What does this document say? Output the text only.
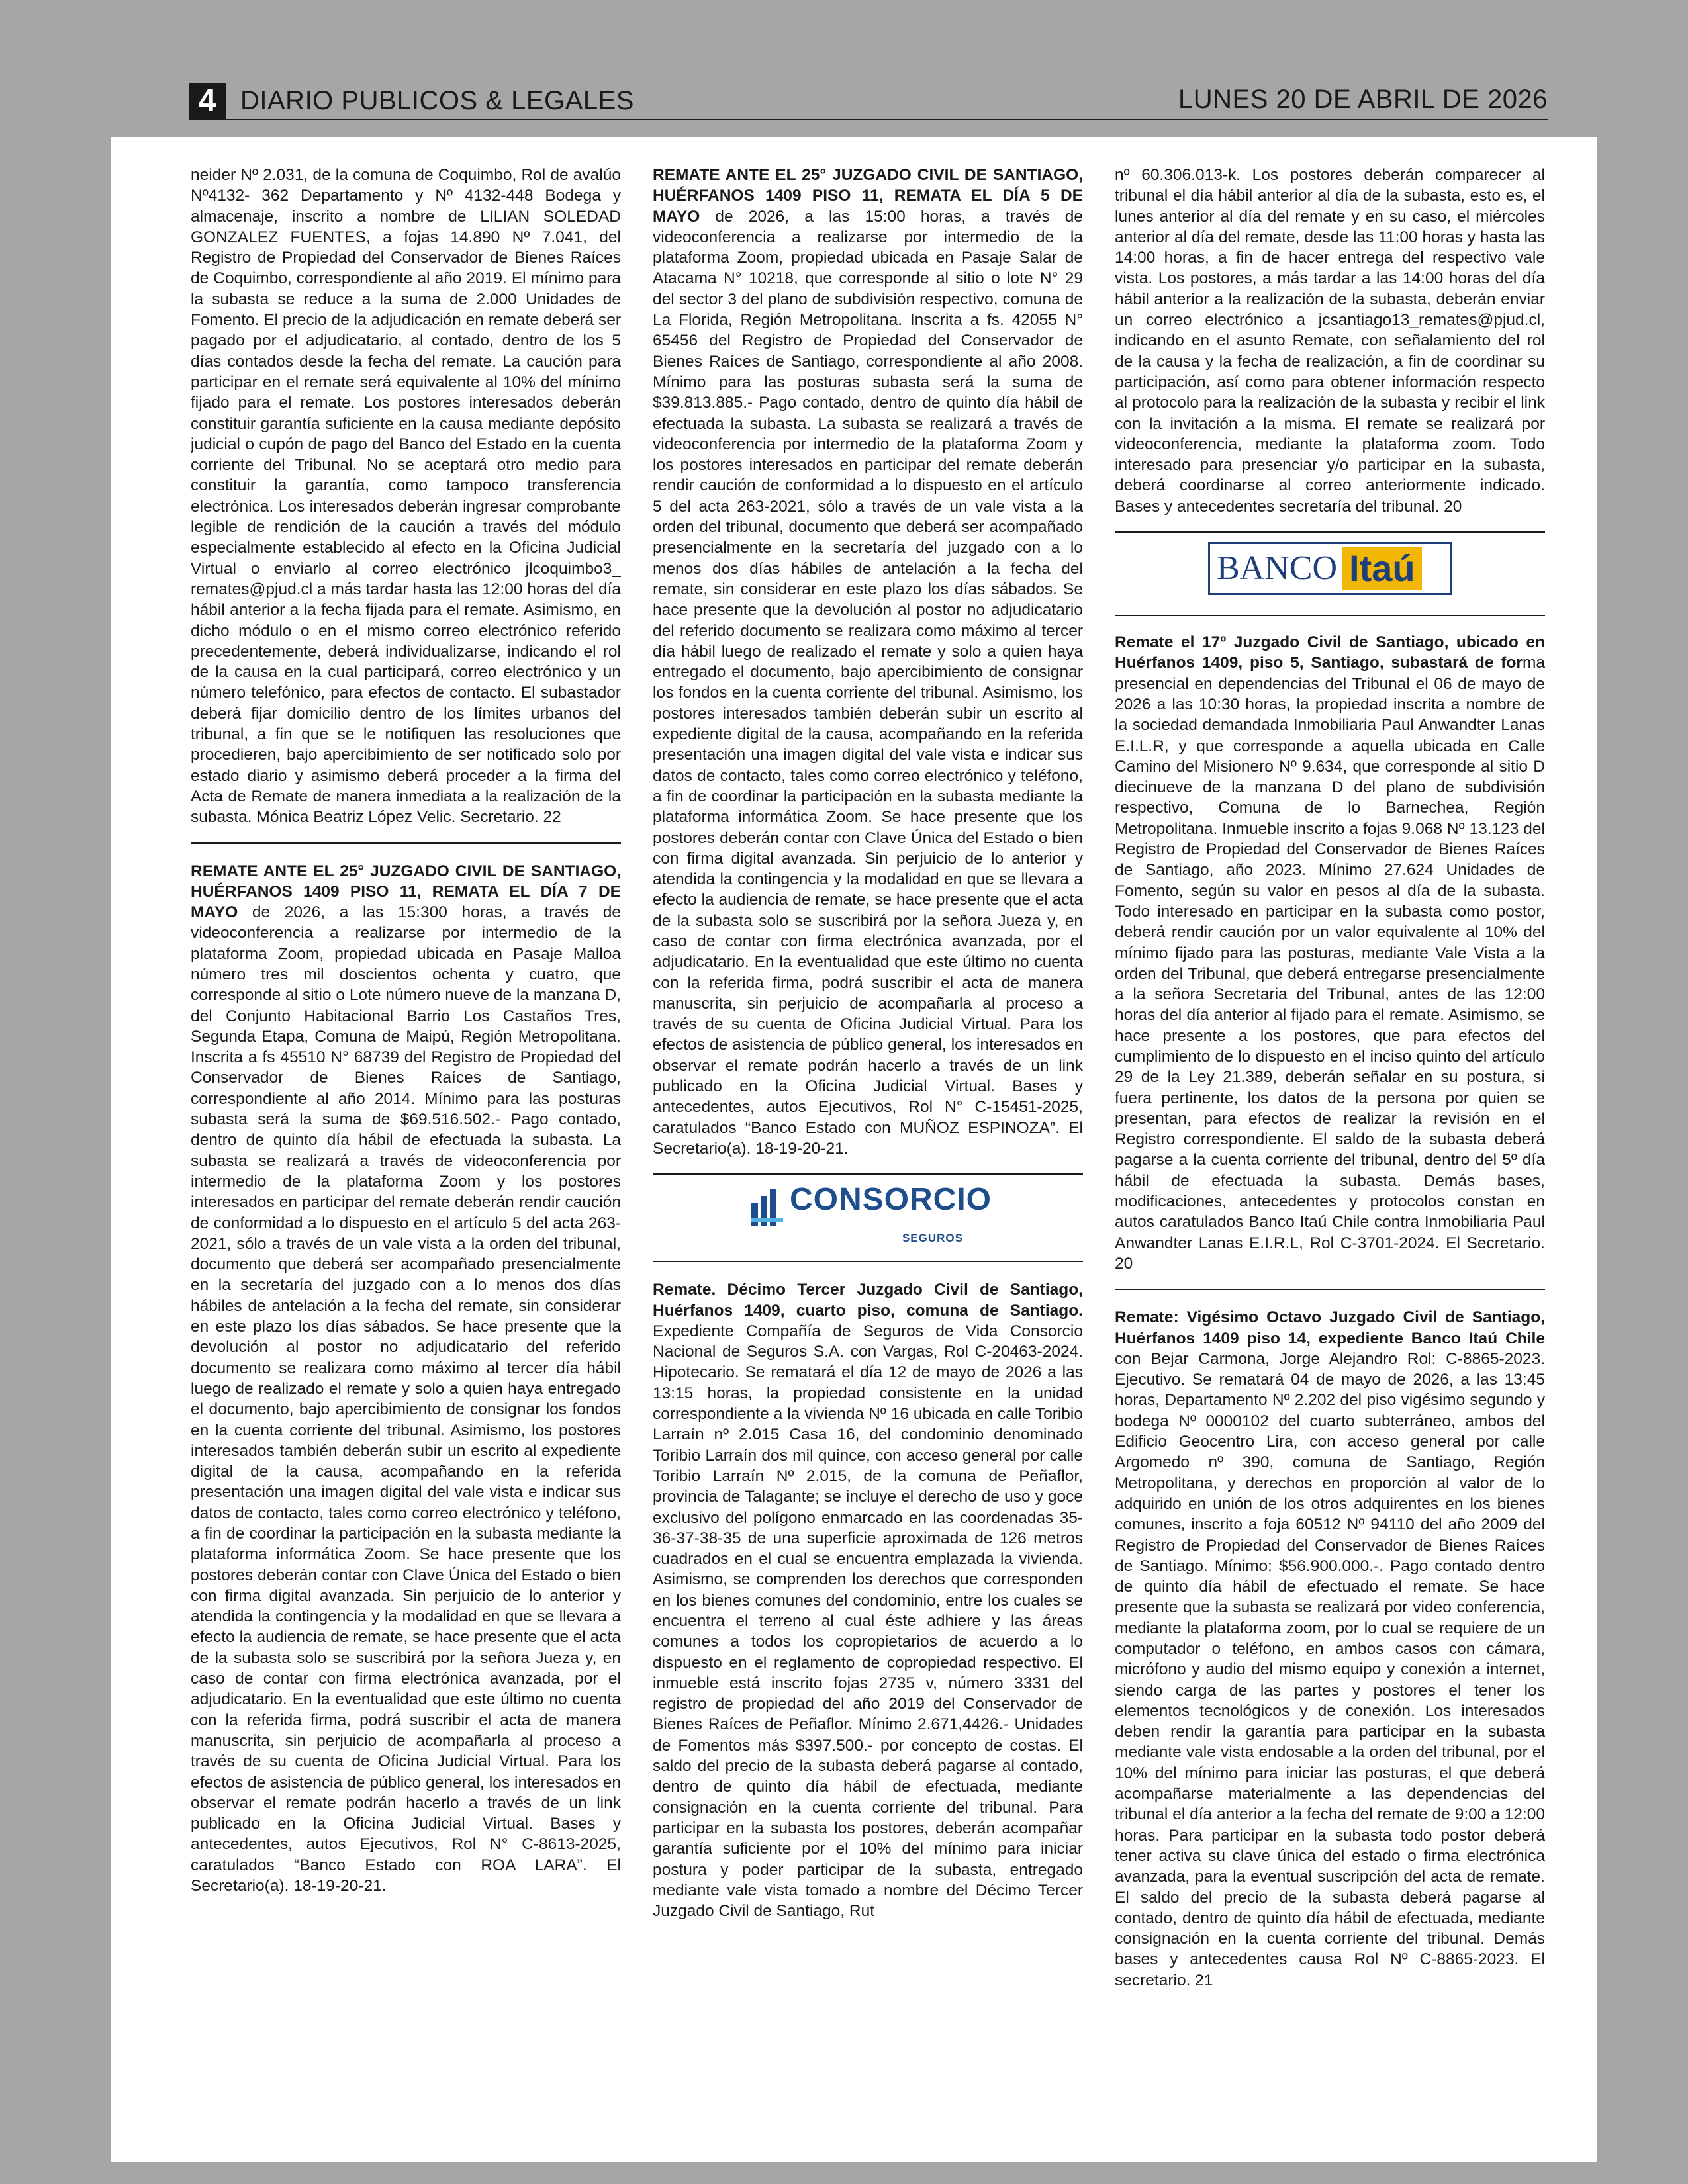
4 DIARIO PUBLICOS & LEGALES	LUNES 20 DE ABRIL DE 2026

neider Nº 2.031, de la comuna de Coquimbo, Rol de avalúo Nº4132- 362 Departamento y Nº 4132-448 Bodega y almacenaje, inscrito a nombre de LILIAN SOLEDAD GONZALEZ FUENTES, a fojas 14.890 Nº 7.041, del Registro de Propiedad del Conservador de Bienes Raíces de Coquimbo, correspondiente al año 2019. El mínimo para la subasta se reduce a la suma de 2.000 Unidades de Fomento. El precio de la adjudicación en remate deberá ser pagado por el adjudicatario, al contado, dentro de los 5 días contados desde la fecha del remate. La caución para participar en el remate será equivalente al 10% del mínimo fijado para el remate. Los postores interesados deberán constituir garantía suficiente en la causa mediante depósito judicial o cupón de pago del Banco del Estado en la cuenta corriente del Tribunal. No se aceptará otro medio para constituir la garantía, como tampoco transferencia electrónica. Los interesados deberán ingresar comprobante legible de rendición de la caución a través del módulo especialmente establecido al efecto en la Oficina Judicial Virtual o enviarlo al correo electrónico jlcoquimbo3_ remates@pjud.cl a más tardar hasta las 12:00 horas del día hábil anterior a la fecha fijada para el remate. Asimismo, en dicho módulo o en el mismo correo electrónico referido precedentemente, deberá individualizarse, indicando el rol de la causa en la cual participará, correo electrónico y un número telefónico, para efectos de contacto. El subastador deberá fijar domicilio dentro de los límites urbanos del tribunal, a fin que se le notifiquen las resoluciones que procedieren, bajo apercibimiento de ser notificado solo por estado diario y asimismo deberá proceder a la firma del Acta de Remate de manera inmediata a la realización de la subasta. Mónica Beatriz López Velic. Secretario. 22

REMATE ANTE EL 25° JUZGADO CIVIL DE SANTIAGO, HUÉRFANOS 1409 PISO 11, REMATA EL DÍA 7 DE MAYO de 2026, a las 15:300 horas, a través de videoconferencia a realizarse por intermedio de la plataforma Zoom, propiedad ubicada en Pasaje Malloa número tres mil doscientos ochenta y cuatro, que corresponde al sitio o Lote número nueve de la manzana D, del Conjunto Habitacional Barrio Los Castaños Tres, Segunda Etapa, Comuna de Maipú, Región Metropolitana. Inscrita a fs 45510 N° 68739 del Registro de Propiedad del Conservador de Bienes Raíces de Santiago, correspondiente al año 2014. Mínimo para las posturas subasta será la suma de $69.516.502.- Pago contado, dentro de quinto día hábil de efectuada la subasta. La subasta se realizará a través de videoconferencia por intermedio de la plataforma Zoom y los postores interesados en participar del remate deberán rendir caución de conformidad a lo dispuesto en el artículo 5 del acta 263-2021, sólo a través de un vale vista a la orden del tribunal, documento que deberá ser acompañado presencialmente en la secretaría del juzgado con a lo menos dos días hábiles de antelación a la fecha del remate, sin considerar en este plazo los días sábados. Se hace presente que la devolución al postor no adjudicatario del referido documento se realizara como máximo al tercer día hábil luego de realizado el remate y solo a quien haya entregado el documento, bajo apercibimiento de consignar los fondos en la cuenta corriente del tribunal. Asimismo, los postores interesados también deberán subir un escrito al expediente digital de la causa, acompañando en la referida presentación una imagen digital del vale vista e indicar sus datos de contacto, tales como correo electrónico y teléfono, a fin de coordinar la participación en la subasta mediante la plataforma informática Zoom. Se hace presente que los postores deberán contar con Clave Única del Estado o bien con firma digital avanzada. Sin perjuicio de lo anterior y atendida la contingencia y la modalidad en que se llevara a efecto la audiencia de remate, se hace presente que el acta de la subasta solo se suscribirá por la señora Jueza y, en caso de contar con firma electrónica avanzada, por el adjudicatario. En la eventualidad que este último no cuenta con la referida firma, podrá suscribir el acta de manera manuscrita, sin perjuicio de acompañarla al proceso a través de su cuenta de Oficina Judicial Virtual. Para los efectos de asistencia de público general, los interesados en observar el remate podrán hacerlo a través de un link publicado en la Oficina Judicial Virtual. Bases y antecedentes, autos Ejecutivos, Rol N° C-8613-2025, caratulados “Banco Estado con ROA LARA”. El Secretario(a). 18-19-20-21.

REMATE ANTE EL 25° JUZGADO CIVIL DE SANTIAGO, HUÉRFANOS 1409 PISO 11, REMATA EL DÍA 5 DE MAYO de 2026, a las 15:00 horas, a través de videoconferencia a realizarse por intermedio de la plataforma Zoom, propiedad ubicada en Pasaje Salar de Atacama N° 10218, que corresponde al sitio o lote N° 29 del sector 3 del plano de subdivisión respectivo, comuna de La Florida, Región Metropolitana. Inscrita a fs. 42055 N° 65456 del Registro de Propiedad del Conservador de Bienes Raíces de Santiago, correspondiente al año 2008. Mínimo para las posturas subasta será la suma de $39.813.885.- Pago contado, dentro de quinto día hábil de efectuada la subasta. La subasta se realizará a través de videoconferencia por intermedio de la plataforma Zoom y los postores interesados en participar del remate deberán rendir caución de conformidad a lo dispuesto en el artículo 5 del acta 263-2021, sólo a través de un vale vista a la orden del tribunal, documento que deberá ser acompañado presencialmente en la secretaría del juzgado con a lo menos dos días hábiles de antelación a la fecha del remate, sin considerar en este plazo los días sábados. Se hace presente que la devolución al postor no adjudicatario del referido documento se realizara como máximo al tercer día hábil luego de realizado el remate y solo a quien haya entregado el documento, bajo apercibimiento de consignar los fondos en la cuenta corriente del tribunal. Asimismo, los postores interesados también deberán subir un escrito al expediente digital de la causa, acompañando en la referida presentación una imagen digital del vale vista e indicar sus datos de contacto, tales como correo electrónico y teléfono, a fin de coordinar la participación en la subasta mediante la plataforma informática Zoom. Se hace presente que los postores deberán contar con Clave Única del Estado o bien con firma digital avanzada. Sin perjuicio de lo anterior y atendida la contingencia y la modalidad en que se llevara a efecto la audiencia de remate, se hace presente que el acta de la subasta solo se suscribirá por la señora Jueza y, en caso de contar con firma electrónica avanzada, por el adjudicatario. En la eventualidad que este último no cuenta con la referida firma, podrá suscribir el acta de manera manuscrita, sin perjuicio de acompañarla al proceso a través de su cuenta de Oficina Judicial Virtual. Para los efectos de asistencia de público general, los interesados en observar el remate podrán hacerlo a través de un link publicado en la Oficina Judicial Virtual. Bases y antecedentes, autos Ejecutivos, Rol N° C-15451-2025, caratulados “Banco Estado con MUÑOZ ESPINOZA”. El Secretario(a). 18-19-20-21.

CONSORCIO
SEGUROS

Remate. Décimo Tercer Juzgado Civil de Santiago, Huérfanos 1409, cuarto piso, comuna de Santiago. Expediente Compañía de Seguros de Vida Consorcio Nacional de Seguros S.A. con Vargas, Rol C-20463-2024. Hipotecario. Se rematará el día 12 de mayo de 2026 a las 13:15 horas, la propiedad consistente en la unidad correspondiente a la vivienda Nº 16 ubicada en calle Toribio Larraín nº 2.015 Casa 16, del condominio denominado Toribio Larraín dos mil quince, con acceso general por calle Toribio Larraín Nº 2.015, de la comuna de Peñaflor, provincia de Talagante; se incluye el derecho de uso y goce exclusivo del polígono enmarcado en las coordenadas 35-36-37-38-35 de una superficie aproximada de 126 metros cuadrados en el cual se encuentra emplazada la vivienda. Asimismo, se comprenden los derechos que corresponden en los bienes comunes del condominio, entre los cuales se encuentra el terreno al cual éste adhiere y las áreas comunes a todos los copropietarios de acuerdo a lo dispuesto en el reglamento de copropiedad respectivo. El inmueble está inscrito fojas 2735 v, número 3331 del registro de propiedad del año 2019 del Conservador de Bienes Raíces de Peñaflor. Mínimo 2.671,4426.- Unidades de Fomentos más $397.500.- por concepto de costas. El saldo del precio de la subasta deberá pagarse al contado, dentro de quinto día hábil de efectuada, mediante consignación en la cuenta corriente del tribunal. Para participar en la subasta los postores, deberán acompañar garantía suficiente por el 10% del mínimo para iniciar postura y poder participar de la subasta, entregado mediante vale vista tomado a nombre del Décimo Tercer Juzgado Civil de Santiago, Rut

nº 60.306.013-k. Los postores deberán comparecer al tribunal el día hábil anterior al día de la subasta, esto es, el lunes anterior al día del remate y en su caso, el miércoles anterior al día del remate, desde las 11:00 horas y hasta las 14:00 horas, a fin de hacer entrega del respectivo vale vista. Los postores, a más tardar a las 14:00 horas del día hábil anterior a la realización de la subasta, deberán enviar un correo electrónico a jcsantiago13_remates@pjud.cl, indicando en el asunto Remate, con señalamiento del rol de la causa y la fecha de realización, a fin de coordinar su participación, así como para obtener información respecto al protocolo para la realización de la subasta y recibir el link con la invitación a la misma. El remate se realizará por videoconferencia, mediante la plataforma zoom. Todo interesado para presenciar y/o participar en la subasta, deberá coordinarse al correo anteriormente indicado. Bases y antecedentes secretaría del tribunal. 20

BANCO Itaú

Remate el 17º Juzgado Civil de Santiago, ubicado en Huérfanos 1409, piso 5, Santiago, subastará de forma presencial en dependencias del Tribunal el 06 de mayo de 2026 a las 10:30 horas, la propiedad inscrita a nombre de la sociedad demandada Inmobiliaria Paul Anwandter Lanas E.I.L.R, y que corresponde a aquella ubicada en Calle Camino del Misionero Nº 9.634, que corresponde al sitio D diecinueve de la manzana D del plano de subdivisión respectivo, Comuna de lo Barnechea, Región Metropolitana. Inmueble inscrito a fojas 9.068 Nº 13.123 del Registro de Propiedad del Conservador de Bienes Raíces de Santiago, año 2023. Mínimo 27.624 Unidades de Fomento, según su valor en pesos al día de la subasta. Todo interesado en participar en la subasta como postor, deberá rendir caución por un valor equivalente al 10% del mínimo fijado para las posturas, mediante Vale Vista a la orden del Tribunal, que deberá entregarse presencialmente a la señora Secretaria del Tribunal, antes de las 12:00 horas del día anterior al fijado para el remate. Asimismo, se hace presente a los postores, que para efectos del cumplimiento de lo dispuesto en el inciso quinto del artículo 29 de la Ley 21.389, deberán señalar en su postura, si fuera pertinente, los datos de la persona por quien se presentan, para efectos de realizar la revisión en el Registro correspondiente. El saldo de la subasta deberá pagarse a la cuenta corriente del tribunal, dentro del 5º día hábil de efectuada la subasta. Demás bases, modificaciones, antecedentes y protocolos constan en autos caratulados Banco Itaú Chile contra Inmobiliaria Paul Anwandter Lanas E.I.R.L, Rol C-3701-2024. El Secretario. 20

Remate: Vigésimo Octavo Juzgado Civil de Santiago, Huérfanos 1409 piso 14, expediente Banco Itaú Chile con Bejar Carmona, Jorge Alejandro Rol: C-8865-2023. Ejecutivo. Se rematará 04 de mayo de 2026, a las 13:45 horas, Departamento Nº 2.202 del piso vigésimo segundo y bodega Nº 0000102 del cuarto subterráneo, ambos del Edificio Geocentro Lira, con acceso general por calle Argomedo nº 390, comuna de Santiago, Región Metropolitana, y derechos en proporción al valor de lo adquirido en unión de los otros adquirentes en los bienes comunes, inscrito a foja 60512 Nº 94110 del año 2009 del Registro de Propiedad del Conservador de Bienes Raíces de Santiago. Mínimo: $56.900.000.-. Pago contado dentro de quinto día hábil de efectuado el remate. Se hace presente que la subasta se realizará por video conferencia, mediante la plataforma zoom, por lo cual se requiere de un computador o teléfono, en ambos casos con cámara, micrófono y audio del mismo equipo y conexión a internet, siendo carga de las partes y postores el tener los elementos tecnológicos y de conexión. Los interesados deben rendir la garantía para participar en la subasta mediante vale vista endosable a la orden del tribunal, por el 10% del mínimo para iniciar las posturas, el que deberá acompañarse materialmente a las dependencias del tribunal el día anterior a la fecha del remate de 9:00 a 12:00 horas. Para participar en la subasta todo postor deberá tener activa su clave única del estado o firma electrónica avanzada, para la eventual suscripción del acta de remate. El saldo del precio de la subasta deberá pagarse al contado, dentro de quinto día hábil de efectuada, mediante consignación en la cuenta corriente del tribunal. Demás bases y antecedentes causa Rol Nº C-8865-2023. El secretario. 21
